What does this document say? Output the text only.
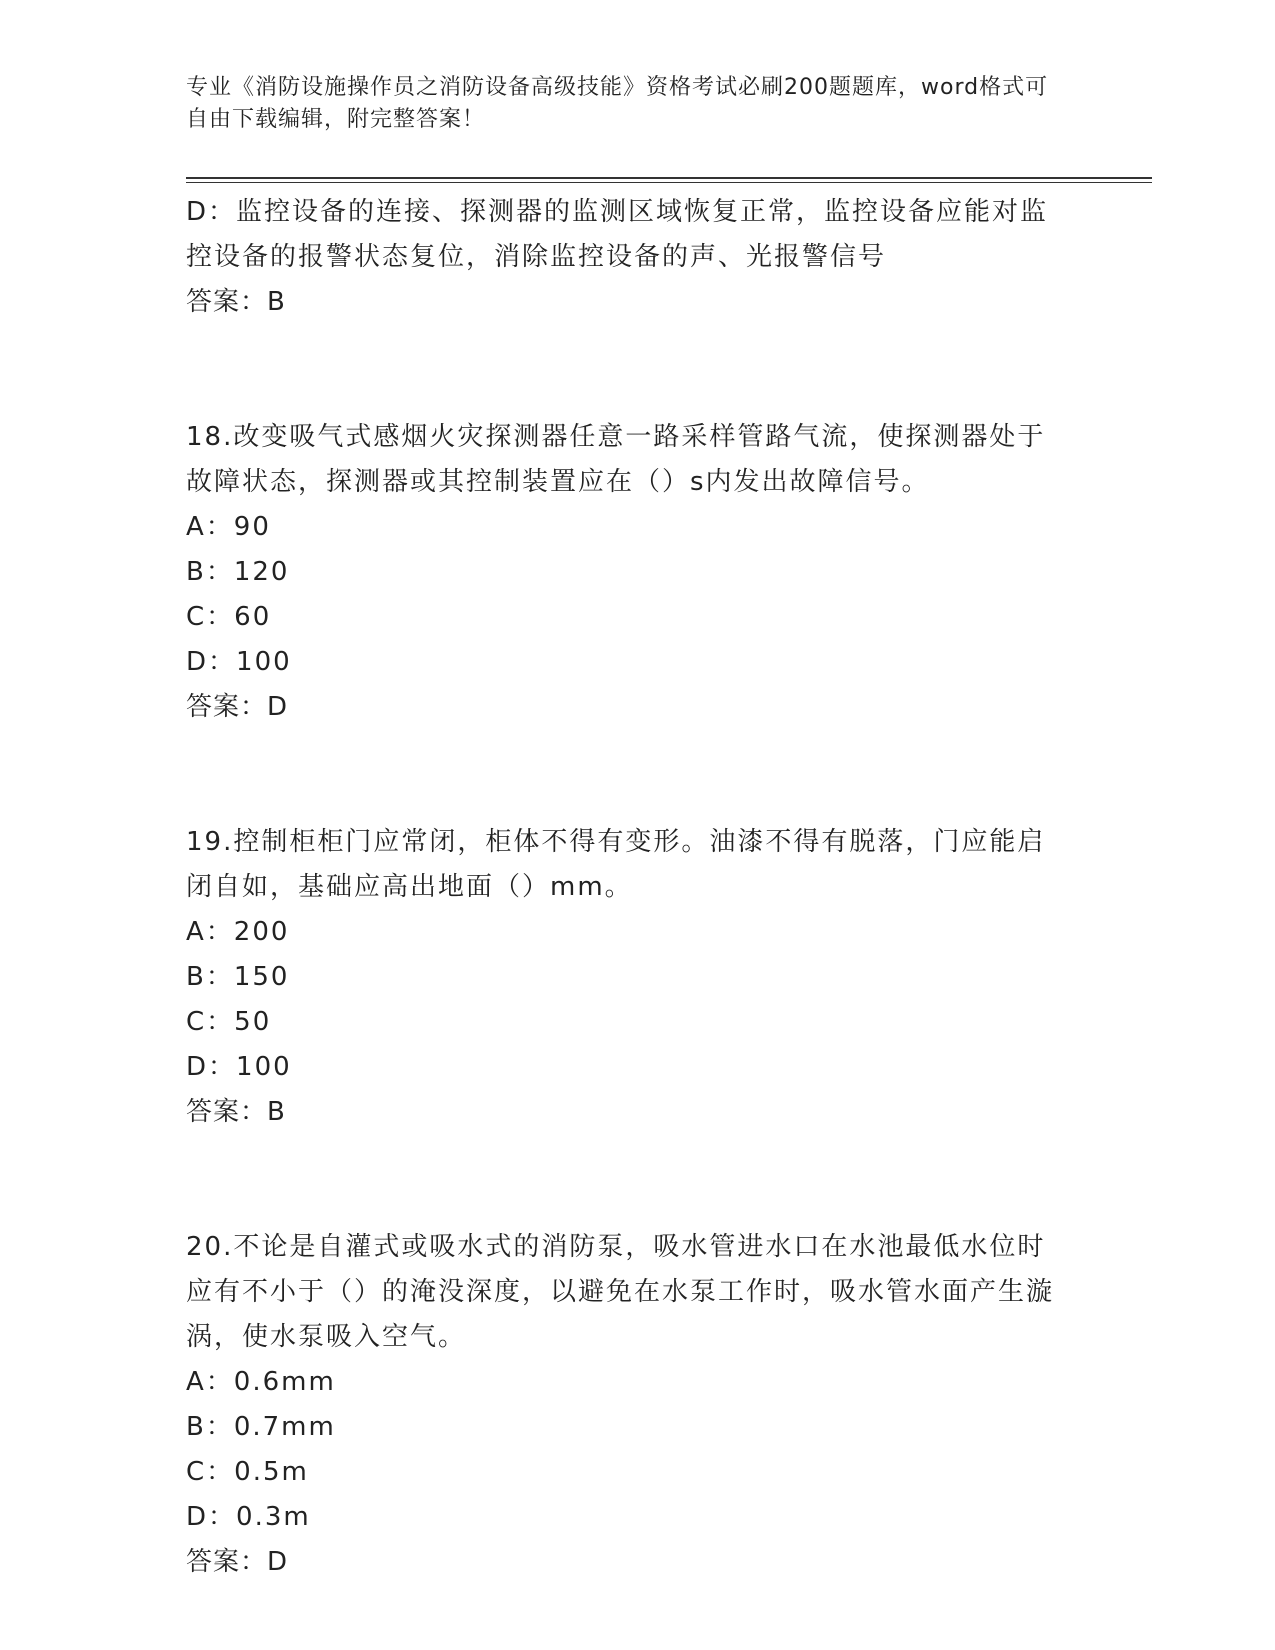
专业《消防设施操作员之消防设备高级技能》资格考试必刷200题题库，word格式可自由下载编辑，附完整答案！

D：监控设备的连接、探测器的监测区域恢复正常，监控设备应能对监控设备的报警状态复位，消除监控设备的声、光报警信号

答案：B

18.改变吸气式感烟火灾探测器任意一路采样管路气流，使探测器处于故障状态，探测器或其控制装置应在（）s内发出故障信号。

A：90

B：120

C：60

D：100

答案：D

19.控制柜柜门应常闭，柜体不得有变形。油漆不得有脱落，门应能启闭自如，基础应高出地面（）mm。

A：200

B：150

C：50

D：100

答案：B

20.不论是自灌式或吸水式的消防泵，吸水管进水口在水池最低水位时应有不小于（）的淹没深度，以避免在水泵工作时，吸水管水面产生漩涡，使水泵吸入空气。

A：0.6mm

B：0.7mm

C：0.5m

D：0.3m

答案：D
